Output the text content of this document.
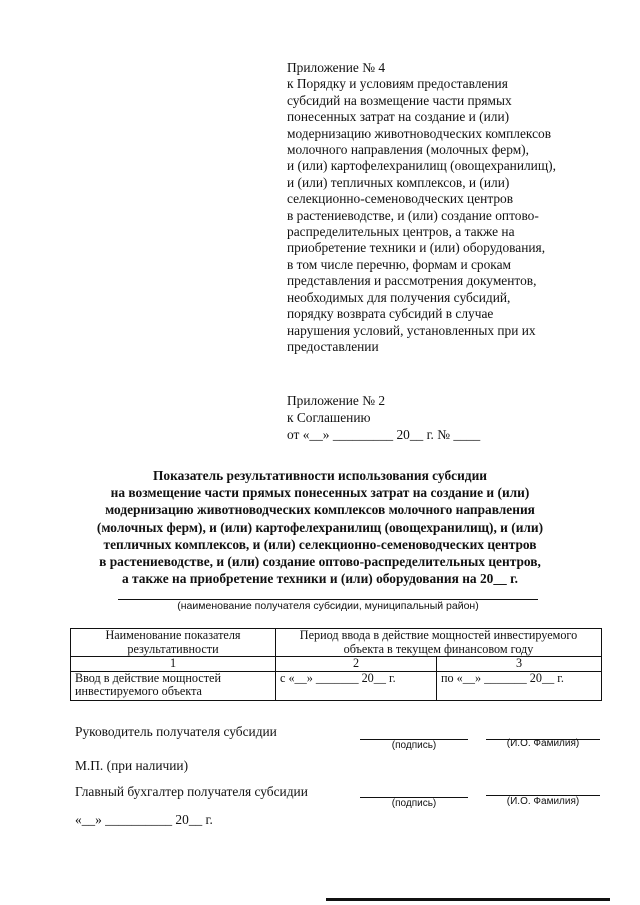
Приложение № 4
к Порядку и условиям предоставления
субсидий на возмещение части прямых
понесенных затрат на создание и (или)
модернизацию животноводческих комплексов
молочного направления (молочных ферм),
и (или) картофелехранилищ (овощехранилищ),
и (или) тепличных комплексов, и (или)
селекционно-семеноводческих центров
в растениеводстве, и (или) создание оптово-
распределительных центров, а также на
приобретение техники и (или) оборудования,
в том числе перечню, формам и срокам
представления и рассмотрения документов,
необходимых для получения субсидий,
порядку возврата субсидий в случае
нарушения условий, установленных при их
предоставлении
Приложение № 2
к Соглашению
от «__» _________ 20__ г. № ____
Показатель результативности использования субсидии
на возмещение части прямых понесенных затрат на создание и (или)
модернизацию животноводческих комплексов молочного направления
(молочных ферм), и (или) картофелехранилищ (овощехранилищ), и (или)
тепличных комплексов, и (или) селекционно-семеноводческих центров
в растениеводстве, и (или) создание оптово-распределительных центров,
а также на приобретение техники и (или) оборудования на 20__ г.
(наименование получателя субсидии, муниципальный район)
Наименование показателя результативности	Период ввода в действие мощностей инвестируемого объекта в текущем финансовом году	
1	2	3
Ввод в действие мощностей инвестируемого объекта	с «__» _______ 20__ г.	по «__» _______ 20__ г.
Руководитель получателя субсидии
(подпись)	(И.О. Фамилия)
М.П. (при наличии)
Главный бухгалтер получателя субсидии
(подпись)	(И.О. Фамилия)
«__» __________ 20__ г.
